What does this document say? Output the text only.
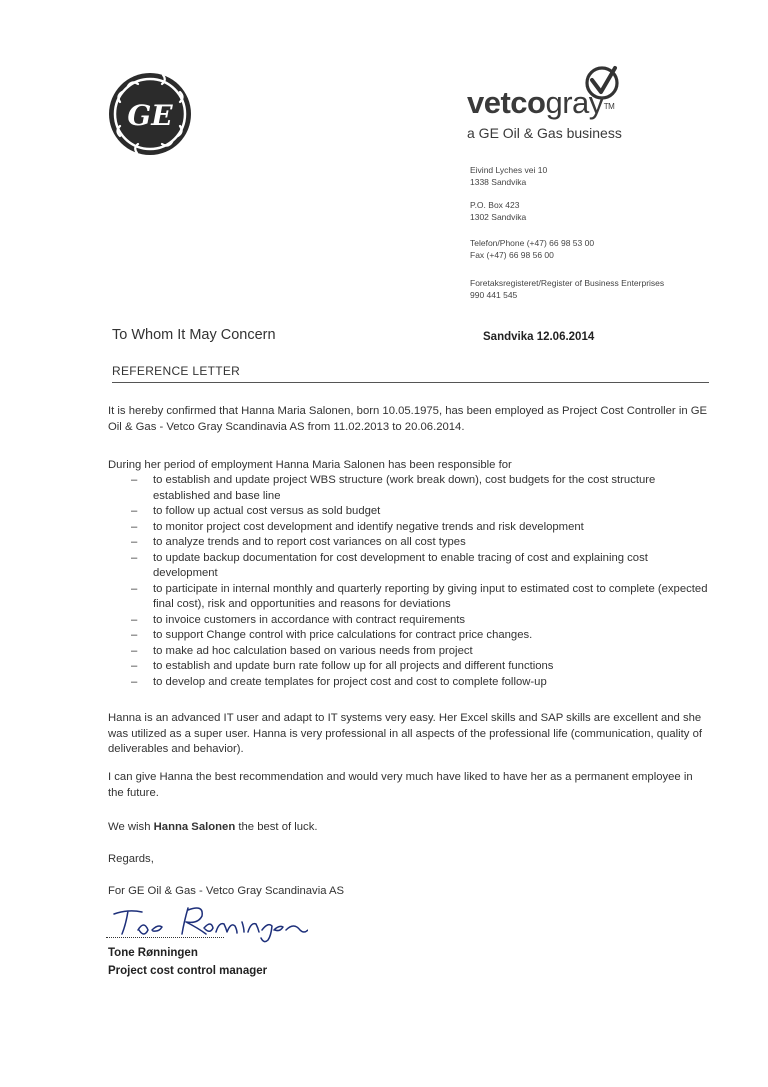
GE	vetcogray™
a GE Oil & Gas business
Eivind Lyches vei 10
1338 Sandvika
P.O. Box 423
1302 Sandvika
Telefon/Phone (+47) 66 98 53 00
Fax (+47) 66 98 56 00
Foretaksregisteret/Register of Business Enterprises
990 441 545
To Whom It May Concern	Sandvika 12.06.2014
REFERENCE LETTER
It is hereby confirmed that Hanna Maria Salonen, born 10.05.1975, has been employed as Project Cost Controller in GE Oil & Gas - Vetco Gray Scandinavia AS from 11.02.2013 to 20.06.2014.
During her period of employment Hanna Maria Salonen has been responsible for
– to establish and update project WBS structure (work break down), cost budgets for the cost structure established and base line
– to follow up actual cost versus as sold budget
– to monitor project cost development and identify negative trends and risk development
– to analyze trends and to report cost variances on all cost types
– to update backup documentation for cost development to enable tracing of cost and explaining cost development
– to participate in internal monthly and quarterly reporting by giving input to estimated cost to complete (expected final cost), risk and opportunities and reasons for deviations
– to invoice customers in accordance with contract requirements
– to support Change control with price calculations for contract price changes.
– to make ad hoc calculation based on various needs from project
– to establish and update burn rate follow up for all projects and different functions
– to develop and create templates for project cost and cost to complete follow-up
Hanna is an advanced IT user and adapt to IT systems very easy. Her Excel skills and SAP skills are excellent and she was utilized as a super user. Hanna is very professional in all aspects of the professional life (communication, quality of deliverables and behavior).
I can give Hanna the best recommendation and would very much have liked to have her as a permanent employee in the future.
We wish Hanna Salonen the best of luck.
Regards,
For GE Oil & Gas - Vetco Gray Scandinavia AS
Tone Rønningen
Project cost control manager
